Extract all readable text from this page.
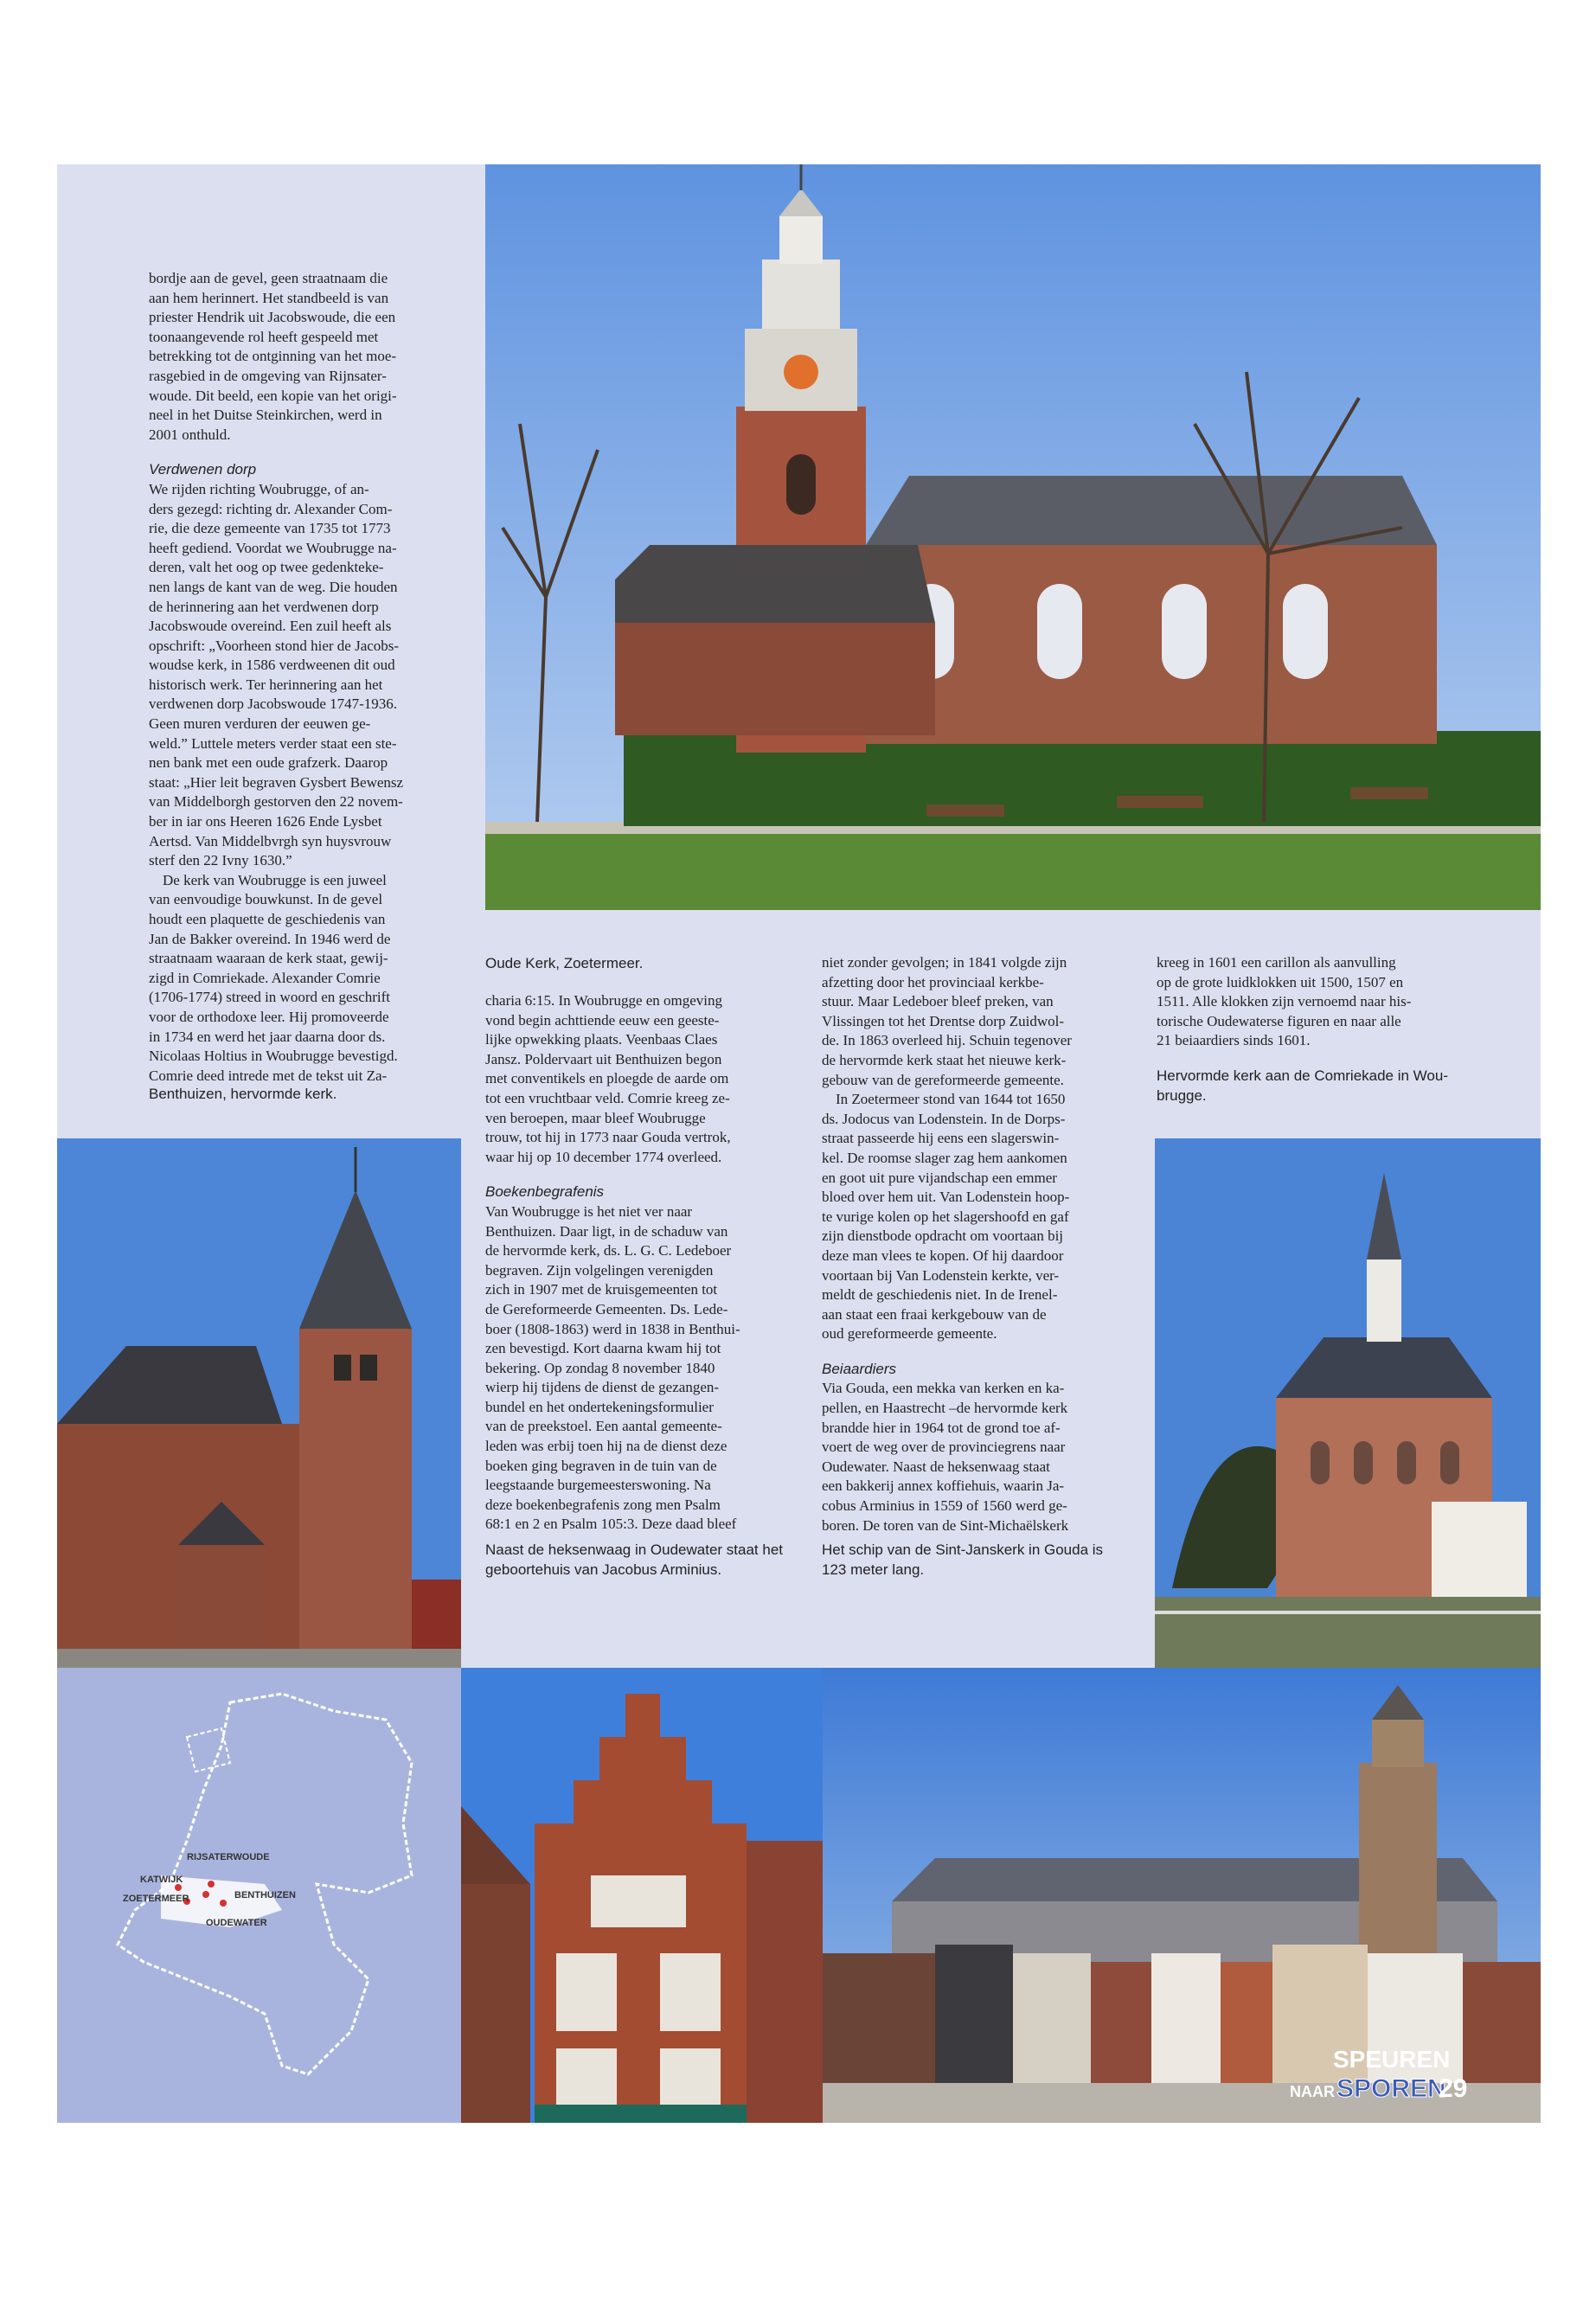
RIJSATERWOUDE
KATWIJK
BENTHUIZEN
ZOETERMEER
OUDEWATER
SPEUREN
NAAR SPOREN
29

bordje aan de gevel, geen straatnaam die

aan hem herinnert. Het standbeeld is van

priester Hendrik uit Jacobswoude, die een

toonaangevende rol heeft gespeeld met

betrekking tot de ontginning van het moe-

rasgebied in de omgeving van Rijnsater-

woude. Dit beeld, een kopie van het origi-

neel in het Duitse Steinkirchen, werd in

2001 onthuld.

Verdwenen dorp

We rijden richting Woubrugge, of an-

ders gezegd: richting dr. Alexander Com-

rie, die deze gemeente van 1735 tot 1773

heeft gediend. Voordat we Woubrugge na-

deren, valt het oog op twee gedenkteke-

nen langs de kant van de weg. Die houden

de herinnering aan het verdwenen dorp

Jacobswoude overeind. Een zuil heeft als

opschrift: „Voorheen stond hier de Jacobs-

woudse kerk, in 1586 verdweenen dit oud

historisch werk. Ter herinnering aan het

verdwenen dorp Jacobswoude 1747-1936.

Geen muren verduren der eeuwen ge-

weld.” Luttele meters verder staat een ste-

nen bank met een oude grafzerk. Daarop

staat: „Hier leit begraven Gysbert Bewensz

van Middelborgh gestorven den 22 novem-

ber in iar ons Heeren 1626 Ende Lysbet

Aertsd. Van Middelbvrgh syn huysvrouw

sterf den 22 Ivny 1630.”

De kerk van Woubrugge is een juweel

van eenvoudige bouwkunst. In de gevel

houdt een plaquette de geschiedenis van

Jan de Bakker overeind. In 1946 werd de

straatnaam waaraan de kerk staat, gewij-

zigd in Comriekade. Alexander Comrie

(1706-1774) streed in woord en geschrift

voor de orthodoxe leer. Hij promoveerde

in 1734 en werd het jaar daarna door ds.

Nicolaas Holtius in Woubrugge bevestigd.

Comrie deed intrede met de tekst uit Za-

Benthuizen, hervormde kerk.
Oude Kerk, Zoetermeer.

charia 6:15. In Woubrugge en omgeving

vond begin achttiende eeuw een geeste-

lijke opwekking plaats. Veenbaas Claes

Jansz. Poldervaart uit Benthuizen begon

met conventikels en ploegde de aarde om

tot een vruchtbaar veld. Comrie kreeg ze-

ven beroepen, maar bleef Woubrugge

trouw, tot hij in 1773 naar Gouda vertrok,

waar hij op 10 december 1774 overleed.

Boekenbegrafenis

Van Woubrugge is het niet ver naar

Benthuizen. Daar ligt, in de schaduw van

de hervormde kerk, ds. L. G. C. Ledeboer

begraven. Zijn volgelingen verenigden

zich in 1907 met de kruisgemeenten tot

de Gereformeerde Gemeenten. Ds. Lede-

boer (1808-1863) werd in 1838 in Benthui-

zen bevestigd. Kort daarna kwam hij tot

bekering. Op zondag 8 november 1840

wierp hij tijdens de dienst de gezangen-

bundel en het ondertekeningsformulier

van de preekstoel. Een aantal gemeente-

leden was erbij toen hij na de dienst deze

boeken ging begraven in de tuin van de

leegstaande burgemeesterswoning. Na

deze boekenbegrafenis zong men Psalm

68:1 en 2 en Psalm 105:3. Deze daad bleef

Naast de heksenwaag in Oudewater staat het
geboortehuis van Jacobus Arminius.

niet zonder gevolgen; in 1841 volgde zijn

afzetting door het provinciaal kerkbe-

stuur. Maar Ledeboer bleef preken, van

Vlissingen tot het Drentse dorp Zuidwol-

de. In 1863 overleed hij. Schuin tegenover

de hervormde kerk staat het nieuwe kerk-

gebouw van de gereformeerde gemeente.

In Zoetermeer stond van 1644 tot 1650

ds. Jodocus van Lodenstein. In de Dorps-

straat passeerde hij eens een slagerswin-

kel. De roomse slager zag hem aankomen

en goot uit pure vijandschap een emmer

bloed over hem uit. Van Lodenstein hoop-

te vurige kolen op het slagershoofd en gaf

zijn dienstbode opdracht om voortaan bij

deze man vlees te kopen. Of hij daardoor

voortaan bij Van Lodenstein kerkte, ver-

meldt de geschiedenis niet. In de Irenel-

aan staat een fraai kerkgebouw van de

oud gereformeerde gemeente.

Beiaardiers

Via Gouda, een mekka van kerken en ka-

pellen, en Haastrecht –de hervormde kerk

brandde hier in 1964 tot de grond toe af-

voert de weg over de provinciegrens naar

Oudewater. Naast de heksenwaag staat

een bakkerij annex koffiehuis, waarin Ja-

cobus Arminius in 1559 of 1560 werd ge-

boren. De toren van de Sint-Michaëlskerk

Het schip van de Sint-Janskerk in Gouda is
123 meter lang.

kreeg in 1601 een carillon als aanvulling

op de grote luidklokken uit 1500, 1507 en

1511. Alle klokken zijn vernoemd naar his-

torische Oudewaterse figuren en naar alle

21 beiaardiers sinds 1601.

Hervormde kerk aan de Comriekade in Wou-
brugge.
